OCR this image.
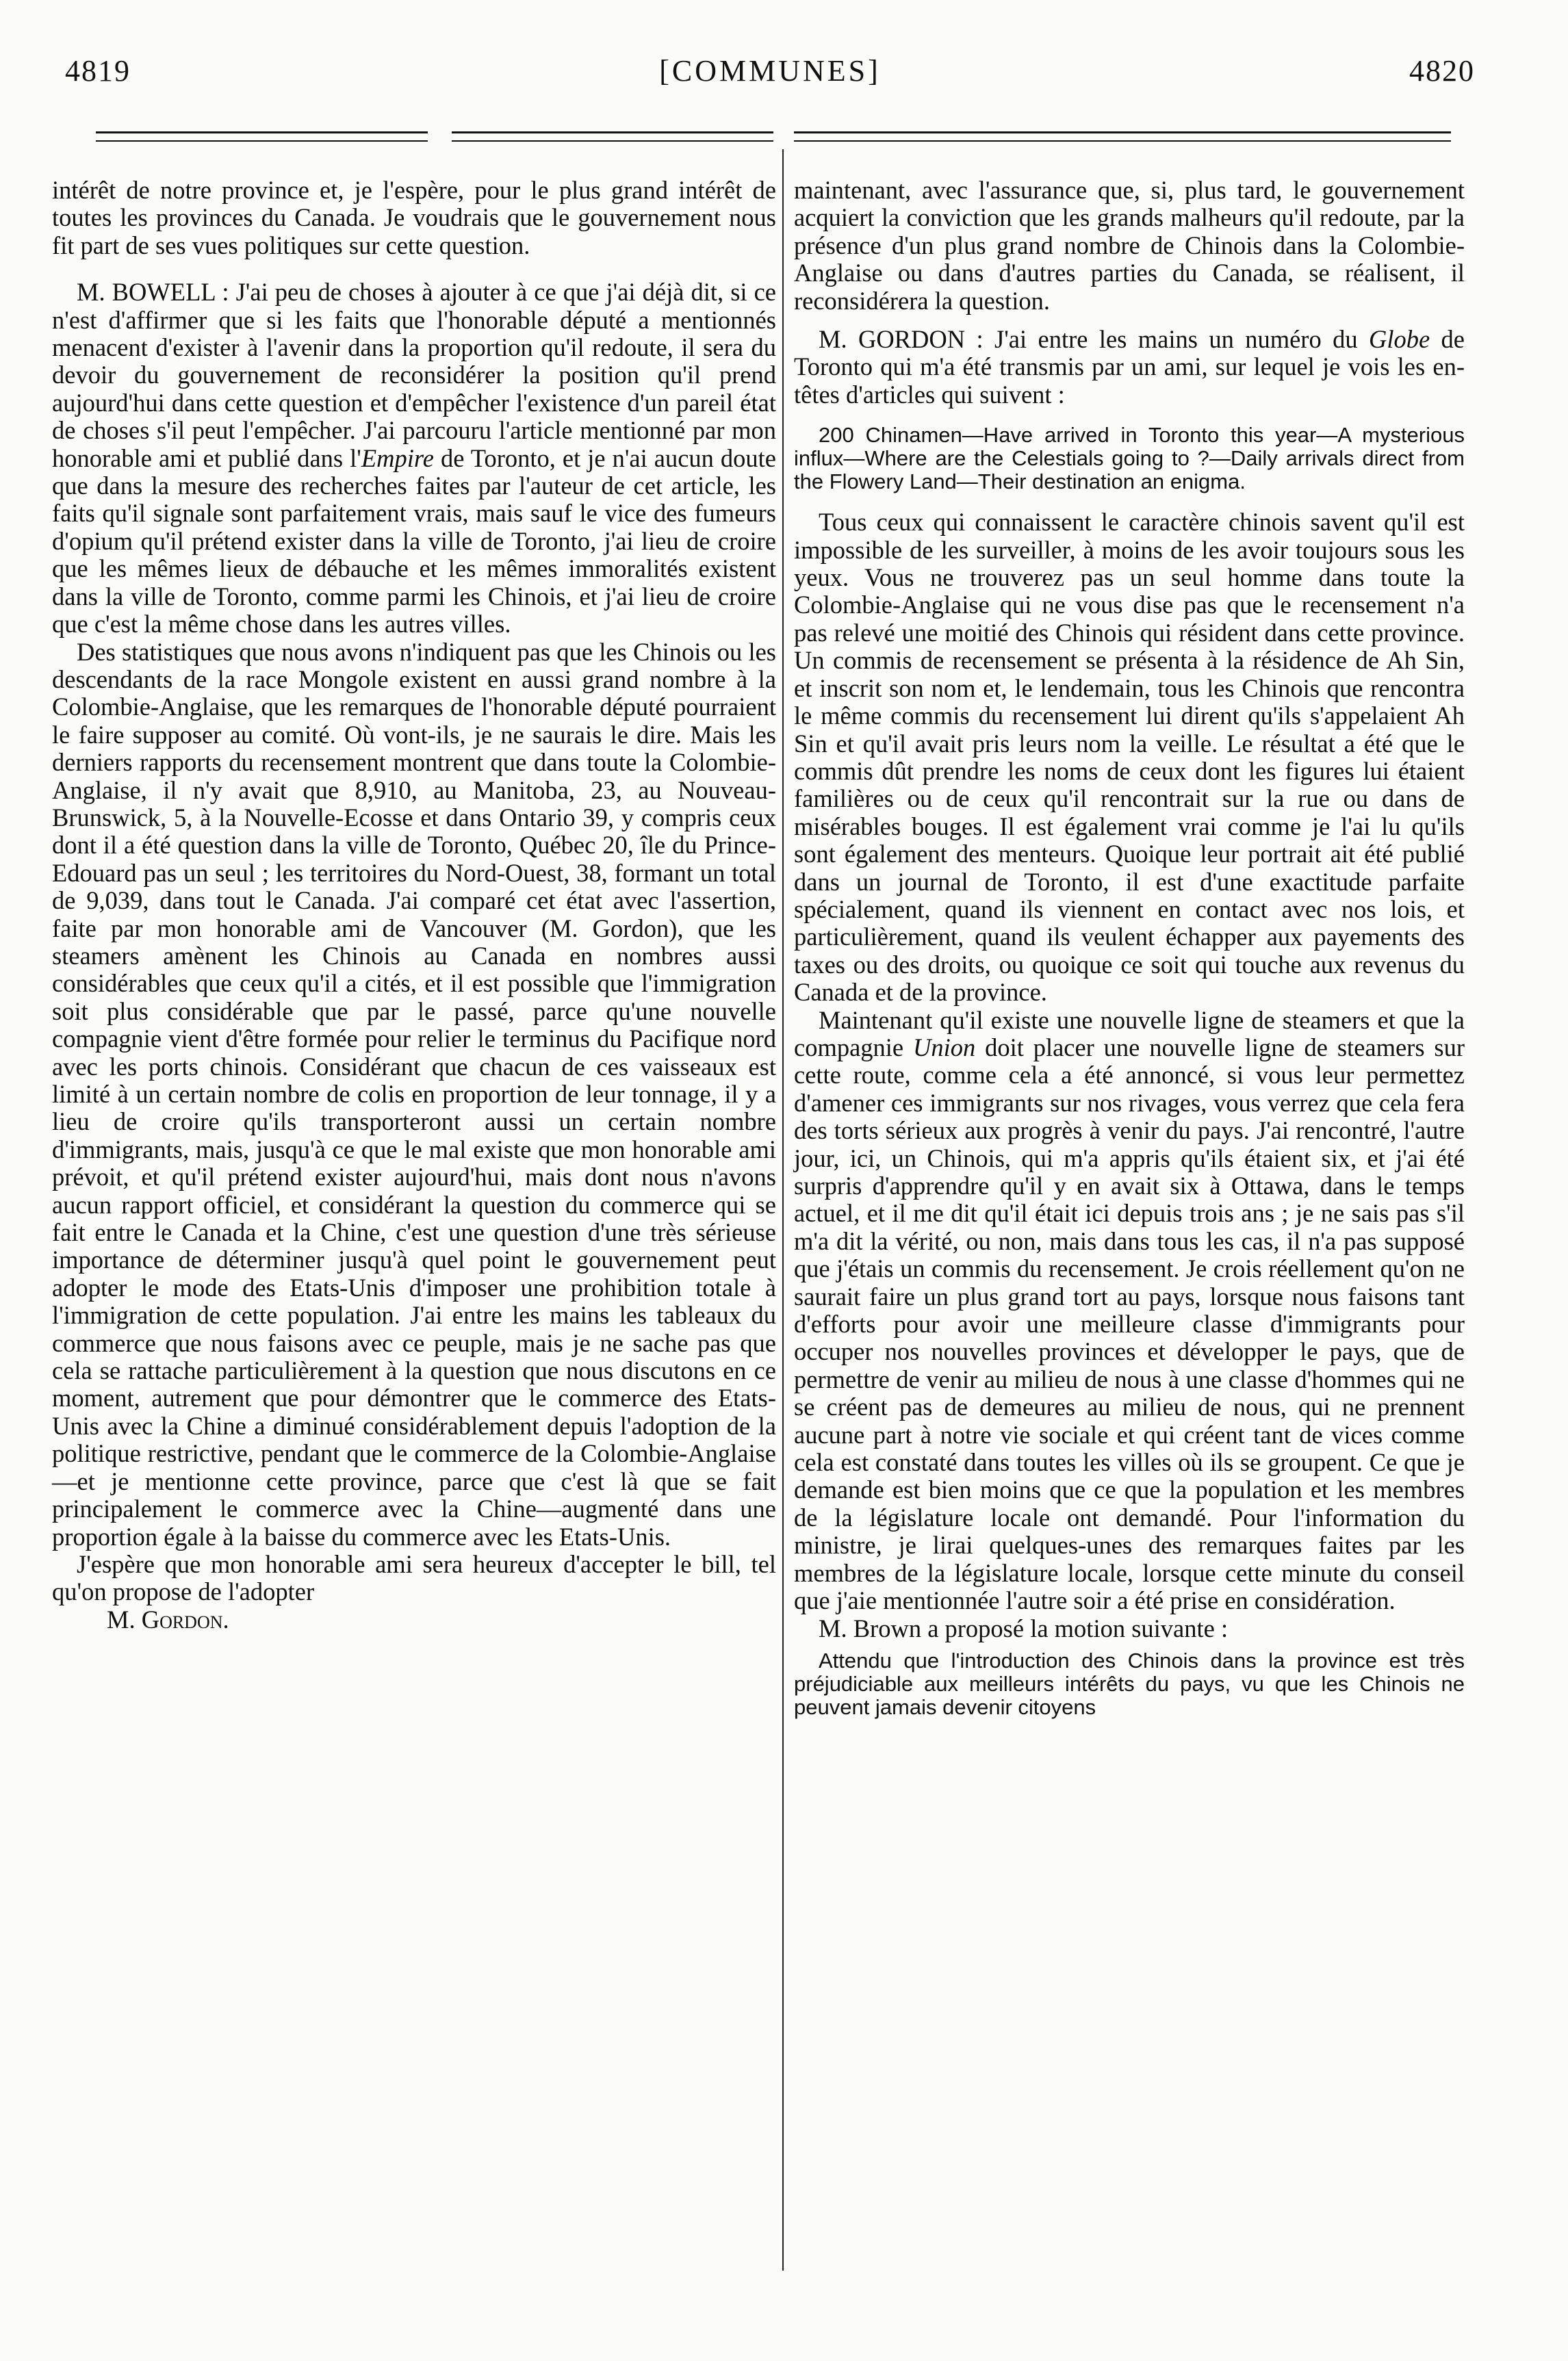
4819	[COMMUNES]	4820

intérêt de notre province et, je l'espère, pour le plus grand intérêt de toutes les provinces du Canada. Je voudrais que le gouvernement nous fit part de ses vues politiques sur cette question.

M. BOWELL : J'ai peu de choses à ajouter à ce que j'ai déjà dit, si ce n'est d'affirmer que si les faits que l'honorable député a mentionnés menacent d'exister à l'avenir dans la proportion qu'il redoute, il sera du devoir du gouvernement de reconsidérer la position qu'il prend aujourd'hui dans cette question et d'empêcher l'existence d'un pareil état de choses s'il peut l'empêcher. J'ai parcouru l'article mentionné par mon honorable ami et publié dans l'Empire de Toronto, et je n'ai aucun doute que dans la mesure des recherches faites par l'auteur de cet article, les faits qu'il signale sont parfaitement vrais, mais sauf le vice des fumeurs d'opium qu'il prétend exister dans la ville de Toronto, j'ai lieu de croire que les mêmes lieux de débauche et les mêmes immoralités existent dans la ville de Toronto, comme parmi les Chinois, et j'ai lieu de croire que c'est la même chose dans les autres villes.

Des statistiques que nous avons n'indiquent pas que les Chinois ou les descendants de la race Mongole existent en aussi grand nombre à la Colombie-Anglaise, que les remarques de l'honorable député pourraient le faire supposer au comité. Où vont-ils, je ne saurais le dire. Mais les derniers rapports du recensement montrent que dans toute la Colombie-Anglaise, il n'y avait que 8,910, au Manitoba, 23, au Nouveau-Brunswick, 5, à la Nouvelle-Ecosse et dans Ontario 39, y compris ceux dont il a été question dans la ville de Toronto, Québec 20, île du Prince-Edouard pas un seul ; les territoires du Nord-Ouest, 38, formant un total de 9,039, dans tout le Canada. J'ai comparé cet état avec l'assertion, faite par mon honorable ami de Vancouver (M. Gordon), que les steamers amènent les Chinois au Canada en nombres aussi considérables que ceux qu'il a cités, et il est possible que l'immigration soit plus considérable que par le passé, parce qu'une nouvelle compagnie vient d'être formée pour relier le terminus du Pacifique nord avec les ports chinois. Considérant que chacun de ces vaisseaux est limité à un certain nombre de colis en proportion de leur tonnage, il y a lieu de croire qu'ils transporteront aussi un certain nombre d'immigrants, mais, jusqu'à ce que le mal existe que mon honorable ami prévoit, et qu'il prétend exister aujourd'hui, mais dont nous n'avons aucun rapport officiel, et considérant la question du commerce qui se fait entre le Canada et la Chine, c'est une question d'une très sérieuse importance de déterminer jusqu'à quel point le gouvernement peut adopter le mode des Etats-Unis d'imposer une prohibition totale à l'immigration de cette population. J'ai entre les mains les tableaux du commerce que nous faisons avec ce peuple, mais je ne sache pas que cela se rattache particulièrement à la question que nous discutons en ce moment, autrement que pour démontrer que le commerce des Etats-Unis avec la Chine a diminué considérablement depuis l'adoption de la politique restrictive, pendant que le commerce de la Colombie-Anglaise—et je mentionne cette province, parce que c'est là que se fait principalement le commerce avec la Chine—augmenté dans une proportion égale à la baisse du commerce avec les Etats-Unis.

J'espère que mon honorable ami sera heureux d'accepter le bill, tel qu'on propose de l'adopter

M. Gordon.

maintenant, avec l'assurance que, si, plus tard, le gouvernement acquiert la conviction que les grands malheurs qu'il redoute, par la présence d'un plus grand nombre de Chinois dans la Colombie-Anglaise ou dans d'autres parties du Canada, se réalisent, il reconsidérera la question.

M. GORDON : J'ai entre les mains un numéro du Globe de Toronto qui m'a été transmis par un ami, sur lequel je vois les en-têtes d'articles qui suivent :

200 Chinamen—Have arrived in Toronto this year—A mysterious influx—Where are the Celestials going to ?—Daily arrivals direct from the Flowery Land—Their destination an enigma.

Tous ceux qui connaissent le caractère chinois savent qu'il est impossible de les surveiller, à moins de les avoir toujours sous les yeux. Vous ne trouverez pas un seul homme dans toute la Colombie-Anglaise qui ne vous dise pas que le recensement n'a pas relevé une moitié des Chinois qui résident dans cette province. Un commis de recensement se présenta à la résidence de Ah Sin, et inscrit son nom et, le lendemain, tous les Chinois que rencontra le même commis du recensement lui dirent qu'ils s'appelaient Ah Sin et qu'il avait pris leurs nom la veille. Le résultat a été que le commis dût prendre les noms de ceux dont les figures lui étaient familières ou de ceux qu'il rencontrait sur la rue ou dans de misérables bouges. Il est également vrai comme je l'ai lu qu'ils sont également des menteurs. Quoique leur portrait ait été publié dans un journal de Toronto, il est d'une exactitude parfaite spécialement, quand ils viennent en contact avec nos lois, et particulièrement, quand ils veulent échapper aux payements des taxes ou des droits, ou quoique ce soit qui touche aux revenus du Canada et de la province.

Maintenant qu'il existe une nouvelle ligne de steamers et que la compagnie Union doit placer une nouvelle ligne de steamers sur cette route, comme cela a été annoncé, si vous leur permettez d'amener ces immigrants sur nos rivages, vous verrez que cela fera des torts sérieux aux progrès à venir du pays. J'ai rencontré, l'autre jour, ici, un Chinois, qui m'a appris qu'ils étaient six, et j'ai été surpris d'apprendre qu'il y en avait six à Ottawa, dans le temps actuel, et il me dit qu'il était ici depuis trois ans ; je ne sais pas s'il m'a dit la vérité, ou non, mais dans tous les cas, il n'a pas supposé que j'étais un commis du recensement. Je crois réellement qu'on ne saurait faire un plus grand tort au pays, lorsque nous faisons tant d'efforts pour avoir une meilleure classe d'immigrants pour occuper nos nouvelles provinces et développer le pays, que de permettre de venir au milieu de nous à une classe d'hommes qui ne se créent pas de demeures au milieu de nous, qui ne prennent aucune part à notre vie sociale et qui créent tant de vices comme cela est constaté dans toutes les villes où ils se groupent. Ce que je demande est bien moins que ce que la population et les membres de la législature locale ont demandé. Pour l'information du ministre, je lirai quelques-unes des remarques faites par les membres de la législature locale, lorsque cette minute du conseil que j'aie mentionnée l'autre soir a été prise en considération.

M. Brown a proposé la motion suivante :

Attendu que l'introduction des Chinois dans la province est très préjudiciable aux meilleurs intérêts du pays, vu que les Chinois ne peuvent jamais devenir citoyens
